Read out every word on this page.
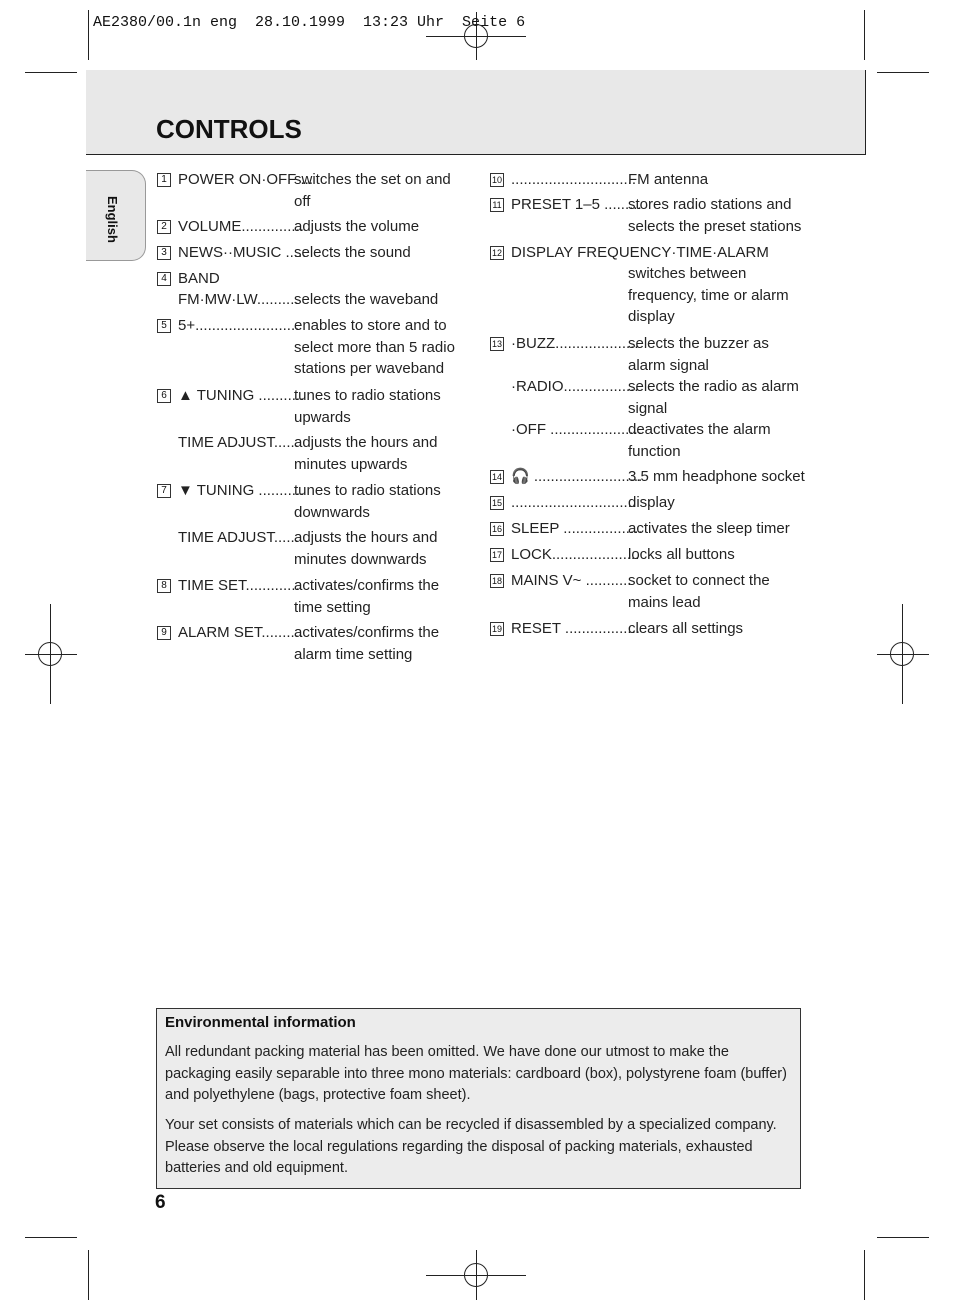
AE2380/00.1n eng  28.10.1999  13:23 Uhr  Seite 6
CONTROLS
English
1 POWER ON·OFF ...
switches the set on and
off
2 VOLUME...............
adjusts the volume
3 NEWS··MUSIC .....
selects the sound
4 BAND
FM·MW·LW..........
selects the waveband
5 5+.........................
enables to store and to
select more than 5 radio
stations per waveband
6 ▲ TUNING ...........
tunes to radio stations
upwards
TIME ADJUST......
adjusts the hours and
minutes upwards
7 ▼ TUNING ...........
tunes to radio stations
downwards
TIME ADJUST......
adjusts the hours and
minutes downwards
8 TIME SET.............
activates/confirms the
time setting
9 ALARM SET..........
activates/confirms the
alarm time setting
10 ..............................
FM antenna
11 PRESET 1–5 .........
stores radio stations and
selects the preset stations
12 DISPLAY FREQUENCY·TIME·ALARM
switches between
frequency, time or alarm
display
13 ·BUZZ....................
selects the buzzer as
alarm signal
·RADIO..................
selects the radio as alarm
signal
·OFF ......................
deactivates the alarm
function
14 🎧 ..........................
3.5 mm headphone socket
15 ..............................
display
16 SLEEP ...................
activates the sleep timer
17 LOCK.....................
locks all buttons
18 MAINS V~ ...........
socket to connect the
mains lead
19 RESET ..................
clears all settings
Environmental information
All redundant packing material has been omitted. We have done our utmost to make the packaging easily separable into three mono materials: cardboard (box), polystyrene foam (buffer) and polyethylene (bags, protective foam sheet).
Your set consists of materials which can be recycled if disassembled by a specialized company. Please observe the local regulations regarding the disposal of packing materials, exhausted batteries and old equipment.
6
